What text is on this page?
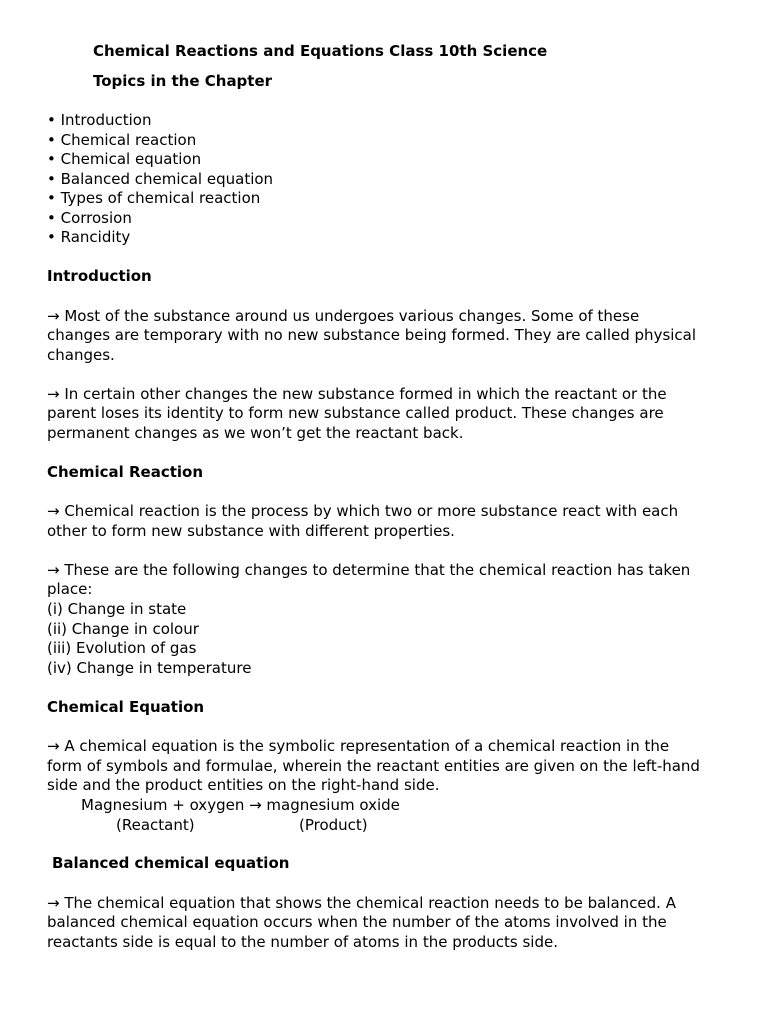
Chemical Reactions and Equations Class 10th Science
Topics in the Chapter
• Introduction
• Chemical reaction
• Chemical equation
• Balanced chemical equation
• Types of chemical reaction
• Corrosion
• Rancidity
Introduction
→ Most of the substance around us undergoes various changes. Some of these
changes are temporary with no new substance being formed. They are called physical
changes.
→ In certain other changes the new substance formed in which the reactant or the
parent loses its identity to form new substance called product. These changes are
permanent changes as we won’t get the reactant back.
Chemical Reaction
→ Chemical reaction is the process by which two or more substance react with each
other to form new substance with different properties.
→ These are the following changes to determine that the chemical reaction has taken
place:
(i) Change in state
(ii) Change in colour
(iii) Evolution of gas
(iv) Change in temperature
Chemical Equation
→ A chemical equation is the symbolic representation of a chemical reaction in the
form of symbols and formulae, wherein the reactant entities are given on the left-hand
side and the product entities on the right-hand side.
Magnesium + oxygen → magnesium oxide
(Reactant)	(Product)
Balanced chemical equation
→ The chemical equation that shows the chemical reaction needs to be balanced. A
balanced chemical equation occurs when the number of the atoms involved in the
reactants side is equal to the number of atoms in the products side.
